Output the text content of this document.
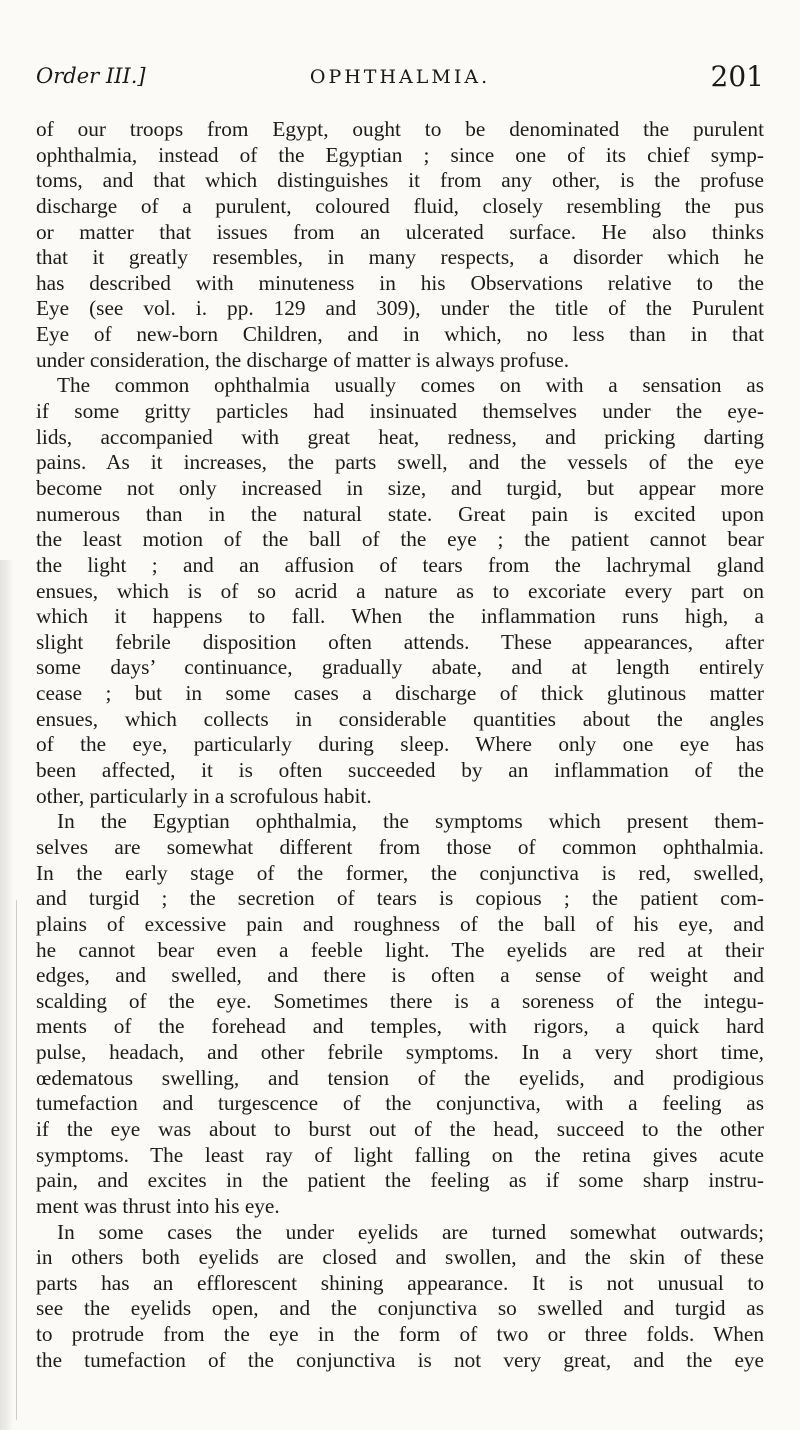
Order III.]	OPHTHALMIA.	201
of our troops from Egypt, ought to be denominated the purulent
ophthalmia, instead of the Egyptian ; since one of its chief symp-
toms, and that which distinguishes it from any other, is the profuse
discharge of a purulent, coloured fluid, closely resembling the pus
or matter that issues from an ulcerated surface. He also thinks
that it greatly resembles, in many respects, a disorder which he
has described with minuteness in his Observations relative to the
Eye (see vol. i. pp. 129 and 309), under the title of the Purulent
Eye of new-born Children, and in which, no less than in that
under consideration, the discharge of matter is always profuse.
The common ophthalmia usually comes on with a sensation as
if some gritty particles had insinuated themselves under the eye-
lids, accompanied with great heat, redness, and pricking darting
pains. As it increases, the parts swell, and the vessels of the eye
become not only increased in size, and turgid, but appear more
numerous than in the natural state. Great pain is excited upon
the least motion of the ball of the eye ; the patient cannot bear
the light ; and an affusion of tears from the lachrymal gland
ensues, which is of so acrid a nature as to excoriate every part on
which it happens to fall. When the inflammation runs high, a
slight febrile disposition often attends. These appearances, after
some days’ continuance, gradually abate, and at length entirely
cease ; but in some cases a discharge of thick glutinous matter
ensues, which collects in considerable quantities about the angles
of the eye, particularly during sleep. Where only one eye has
been affected, it is often succeeded by an inflammation of the
other, particularly in a scrofulous habit.
In the Egyptian ophthalmia, the symptoms which present them-
selves are somewhat different from those of common ophthalmia.
In the early stage of the former, the conjunctiva is red, swelled,
and turgid ; the secretion of tears is copious ; the patient com-
plains of excessive pain and roughness of the ball of his eye, and
he cannot bear even a feeble light. The eyelids are red at their
edges, and swelled, and there is often a sense of weight and
scalding of the eye. Sometimes there is a soreness of the integu-
ments of the forehead and temples, with rigors, a quick hard
pulse, headach, and other febrile symptoms. In a very short time,
œdematous swelling, and tension of the eyelids, and prodigious
tumefaction and turgescence of the conjunctiva, with a feeling as
if the eye was about to burst out of the head, succeed to the other
symptoms. The least ray of light falling on the retina gives acute
pain, and excites in the patient the feeling as if some sharp instru-
ment was thrust into his eye.
In some cases the under eyelids are turned somewhat outwards;
in others both eyelids are closed and swollen, and the skin of these
parts has an efflorescent shining appearance. It is not unusual to
see the eyelids open, and the conjunctiva so swelled and turgid as
to protrude from the eye in the form of two or three folds. When
the tumefaction of the conjunctiva is not very great, and the eye
